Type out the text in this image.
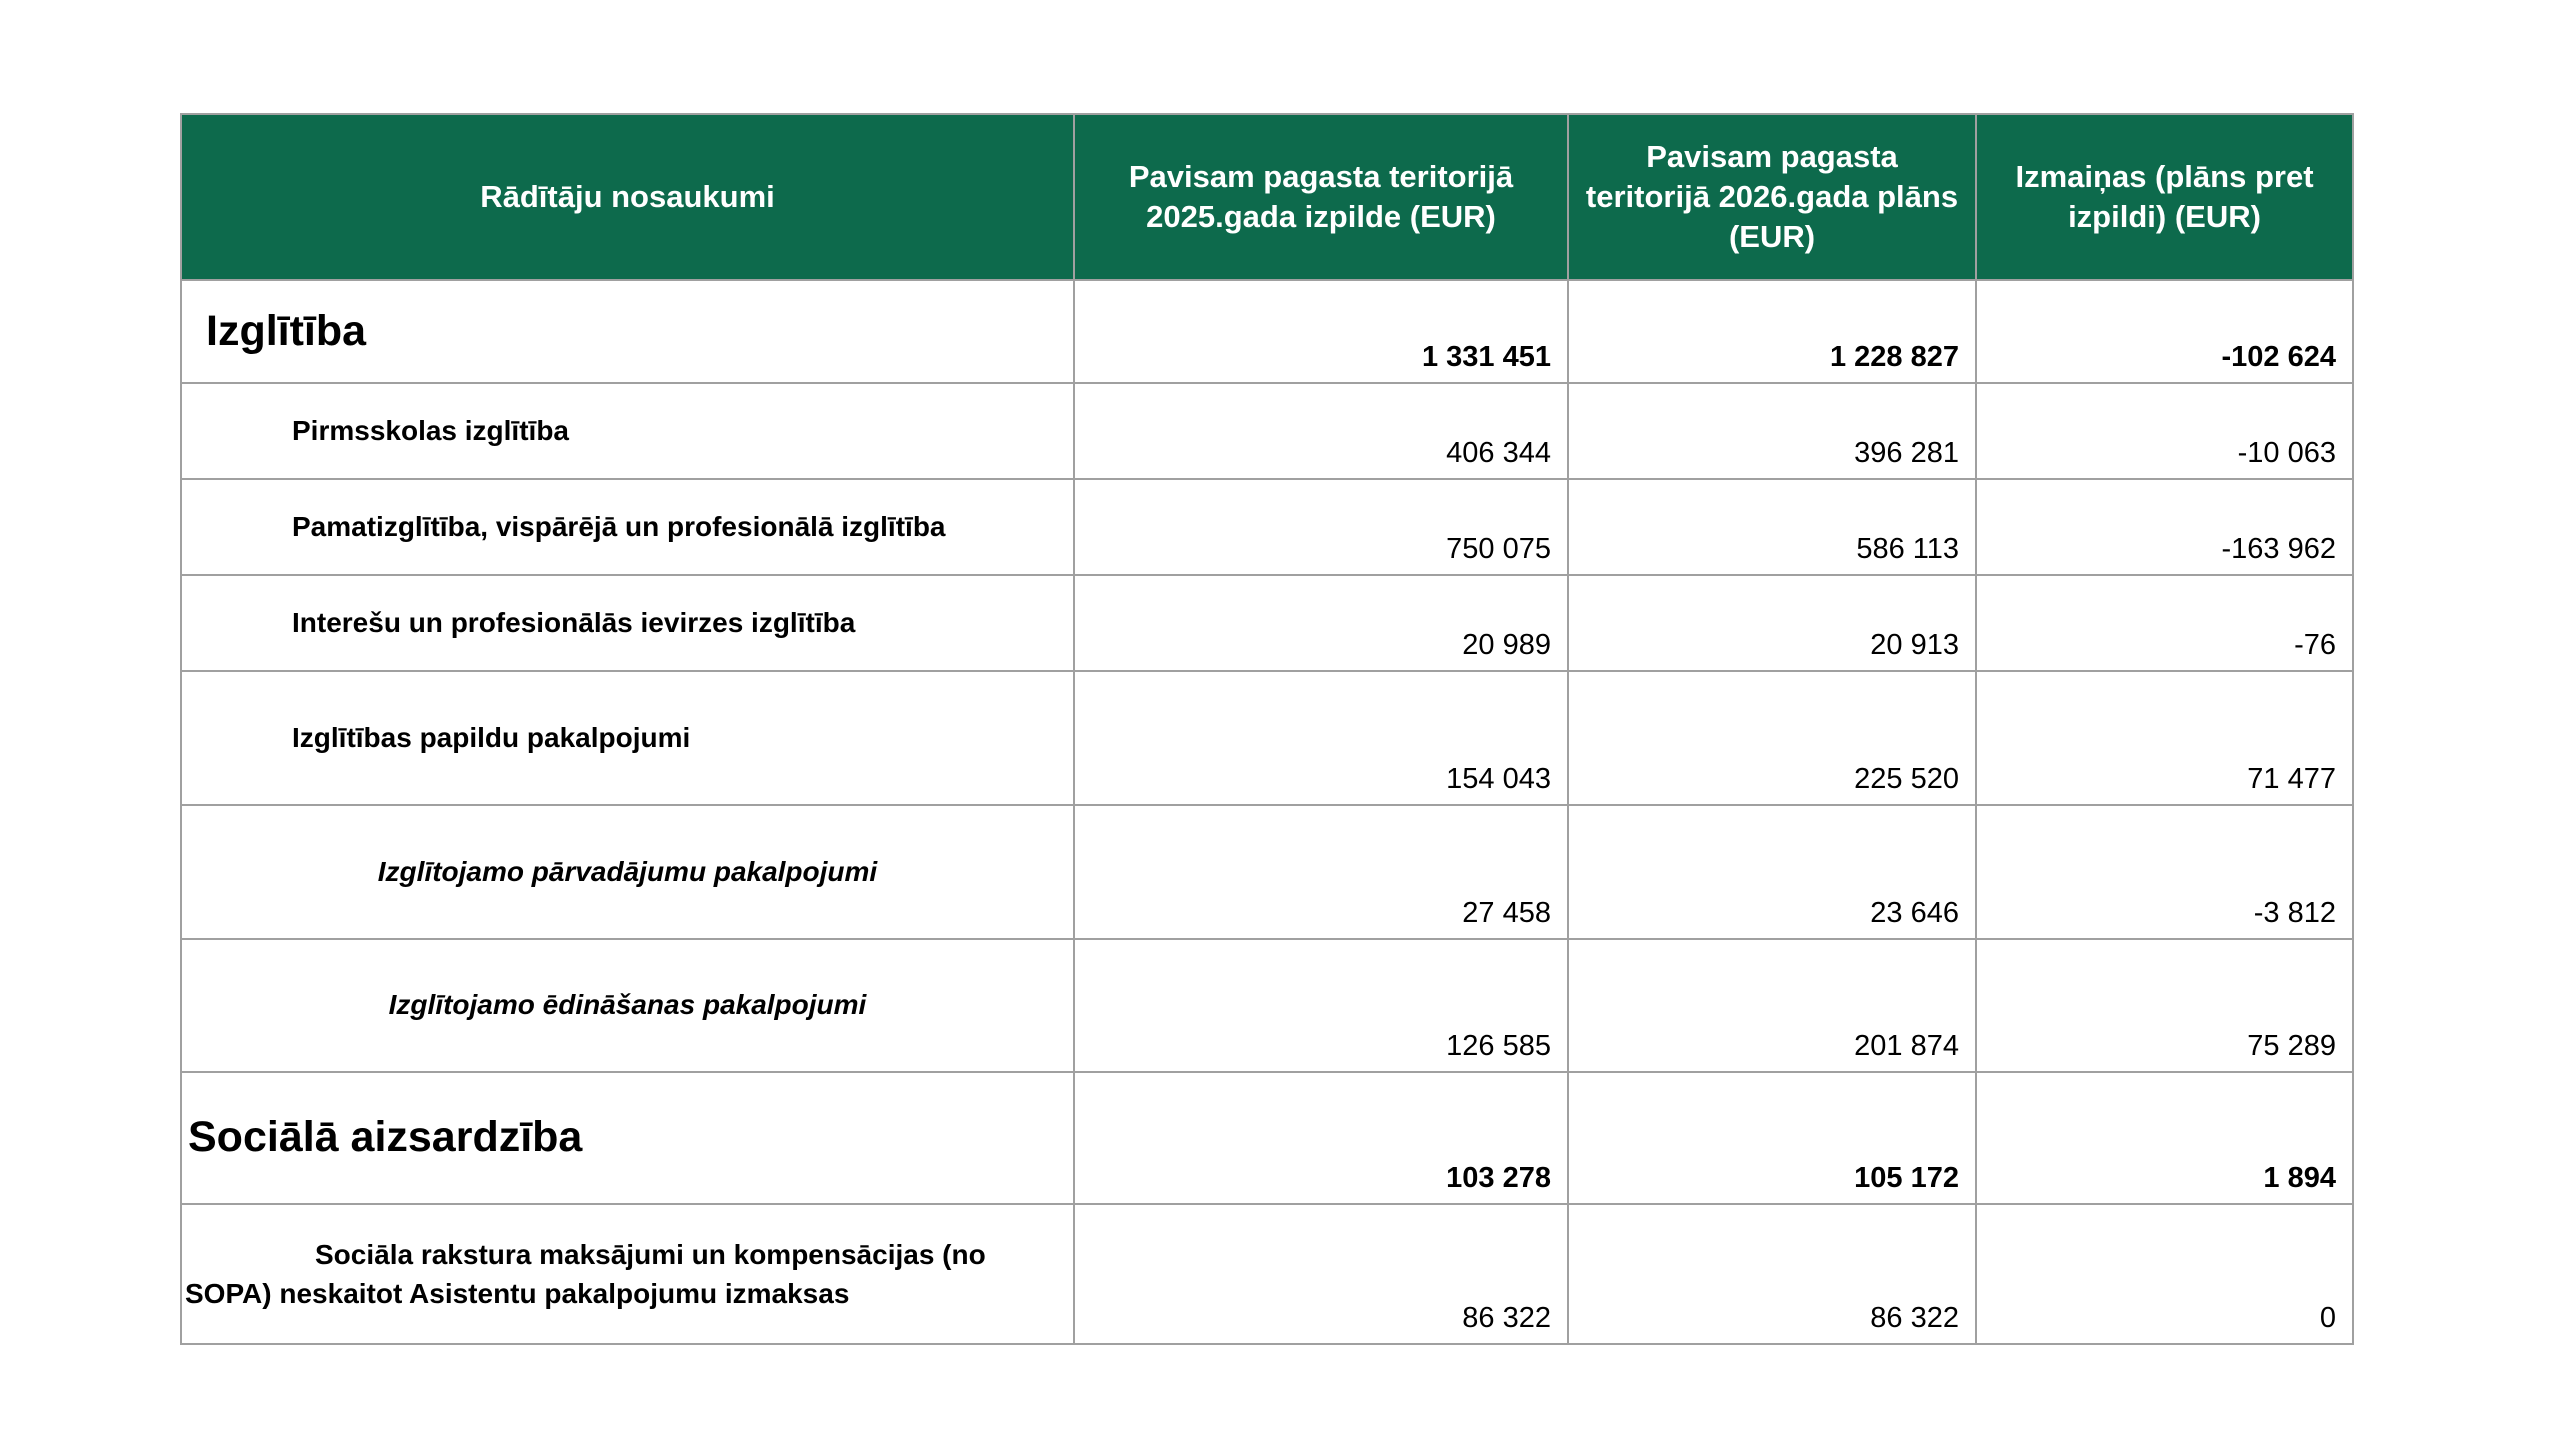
Rādītāju nosaukumi	Pavisam pagasta teritorijā 2025.gada izpilde (EUR)	Pavisam pagasta teritorijā 2026.gada plāns (EUR)	Izmaiņas (plāns pret izpildi) (EUR)
Izglītība	1 331 451	1 228 827	-102 624
Pirmsskolas izglītība	406 344	396 281	-10 063
Pamatizglītība, vispārējā un profesionālā izglītība	750 075	586 113	-163 962
Interešu un profesionālās ievirzes izglītība	20 989	20 913	-76
Izglītības papildu pakalpojumi	154 043	225 520	71 477
Izglītojamo pārvadājumu pakalpojumi	27 458	23 646	-3 812
Izglītojamo ēdināšanas pakalpojumi	126 585	201 874	75 289
Sociālā aizsardzība	103 278	105 172	1 894
Sociāla rakstura maksājumi un kompensācijas (no SOPA) neskaitot Asistentu pakalpojumu izmaksas	86 322	86 322	0
